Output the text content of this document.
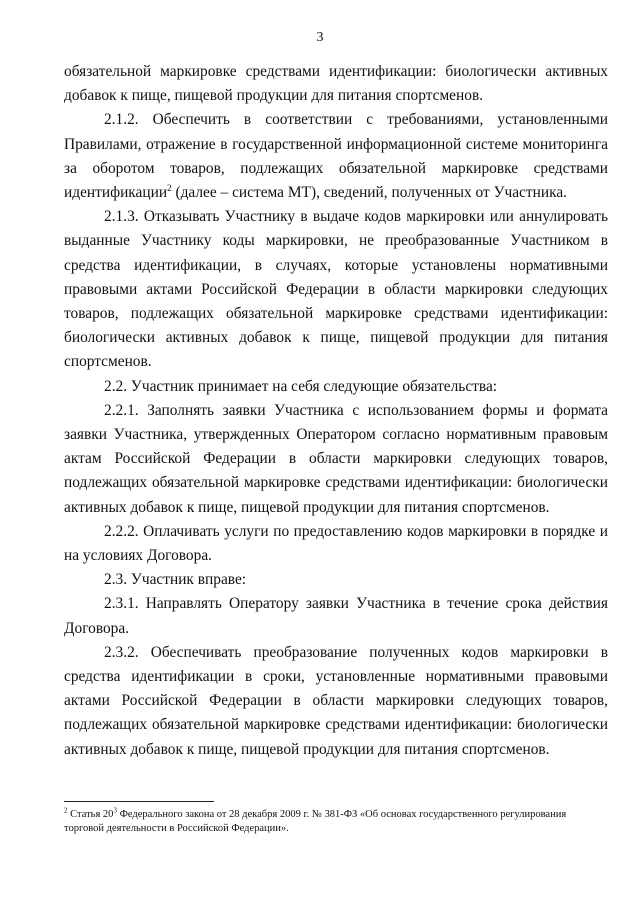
3

обязательной маркировке средствами идентификации: биологически активных добавок к пище, пищевой продукции для питания спортсменов.

2.1.2. Обеспечить в соответствии с требованиями, установленными Правилами, отражение в государственной информационной системе мониторинга за оборотом товаров, подлежащих обязательной маркировке средствами идентификации$^2$ (далее – система МТ), сведений, полученных от Участника.

2.1.3. Отказывать Участнику в выдаче кодов маркировки или аннулировать выданные Участнику коды маркировки, не преобразованные Участником в средства идентификации, в случаях, которые установлены нормативными правовыми актами Российской Федерации в области маркировки следующих товаров, подлежащих обязательной маркировке средствами идентификации: биологически активных добавок к пище, пищевой продукции для питания спортсменов.

2.2. Участник принимает на себя следующие обязательства:

2.2.1. Заполнять заявки Участника с использованием формы и формата заявки Участника, утвержденных Оператором согласно нормативным правовым актам Российской Федерации в области маркировки следующих товаров, подлежащих обязательной маркировке средствами идентификации: биологически активных добавок к пище, пищевой продукции для питания спортсменов.

2.2.2. Оплачивать услуги по предоставлению кодов маркировки в порядке и на условиях Договора.

2.3. Участник вправе:

2.3.1. Направлять Оператору заявки Участника в течение срока действия Договора.

2.3.2. Обеспечивать преобразование полученных кодов маркировки в средства идентификации в сроки, установленные нормативными правовыми актами Российской Федерации в области маркировки следующих товаров, подлежащих обязательной маркировке средствами идентификации: биологически активных добавок к пище, пищевой продукции для питания спортсменов.

$^2$ Статья $20^3$ Федерального закона от 28 декабря 2009 г. № 381-ФЗ «Об основах государственного регулирования торговой деятельности в Российской Федерации».
